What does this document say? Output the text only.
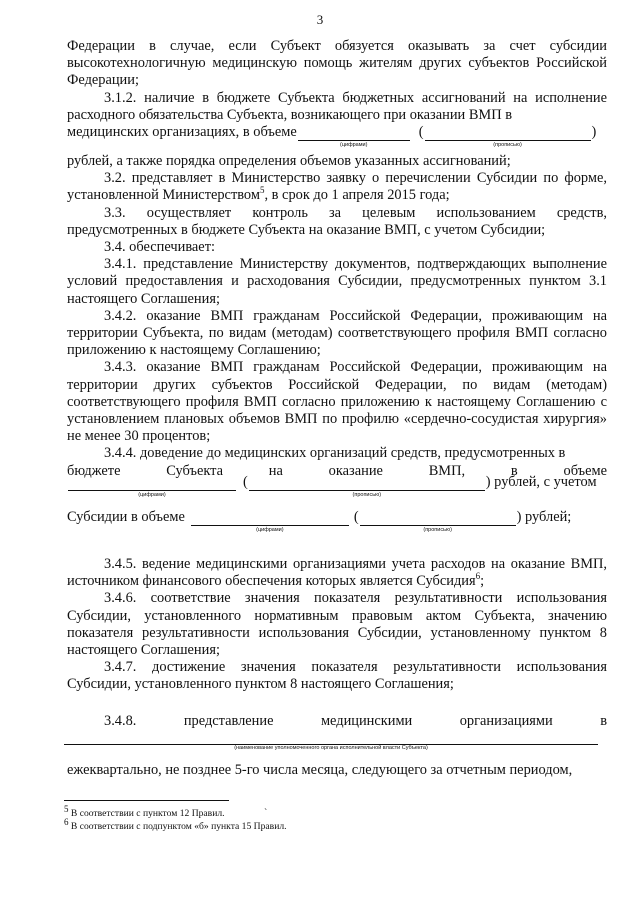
3

Федерации в случае, если Субъект обязуется оказывать за счет субсидии высокотехнологичную медицинскую помощь жителям других субъектов Российской Федерации;

3.1.2. наличие в бюджете Субъекта бюджетных ассигнований на исполнение расходного обязательства Субъекта, возникающего при оказании ВМП в

медицинских организациях, в объеме
(цифрами)
(
(прописью)
)

рублей, а также порядка определения объемов указанных ассигнований;

3.2. представляет в Министерство заявку о перечислении Субсидии по форме, установленной Министерством$^5$, в срок до 1 апреля 2015 года;

3.3. осуществляет контроль за целевым использованием средств, предусмотренных в бюджете Субъекта на оказание ВМП, с учетом Субсидии;

3.4. обеспечивает:

3.4.1. представление Министерству документов, подтверждающих выполнение условий предоставления и расходования Субсидии, предусмотренных пунктом 3.1 настоящего Соглашения;

3.4.2. оказание ВМП гражданам Российской Федерации, проживающим на территории Субъекта, по видам (методам) соответствующего профиля ВМП согласно приложению к настоящему Соглашению;

3.4.3. оказание ВМП гражданам Российской Федерации, проживающим на территории других субъектов Российской Федерации, по видам (методам) соответствующего профиля ВМП согласно приложению к настоящему Соглашению с установлением плановых объемов ВМП по профилю «сердечно-сосудистая хирургия» не менее 30 процентов;

3.4.4. доведение до медицинских организаций средств, предусмотренных в

бюджете Субъекта на оказание ВМП, в объеме

(цифрами)
(
(прописью)
) рублей, с учетом
Субсидии в объеме
(цифрами)
(
(прописью)
) рублей;

3.4.5. ведение медицинскими организациями учета расходов на оказание ВМП, источником финансового обеспечения которых является Субсидия$^6$;

3.4.6. соответствие значения показателя результативности использования Субсидии, установленного нормативным правовым актом Субъекта, значению показателя результативности использования Субсидии, установленному пунктом 8 настоящего Соглашения;

3.4.7. достижение значения показателя результативности использования Субсидии, установленного пунктом 8 настоящего Соглашения;

3.4.8. представление медицинскими организациями в

(наименование уполномоченного органа исполнительной власти Субъекта)

ежеквартально, не позднее 5-го числа месяца, следующего за отчетным периодом,

`
$^5$ В соответствии с пунктом 12 Правил.
$^6$ В соответствии с подпунктом «б» пункта 15 Правил.
